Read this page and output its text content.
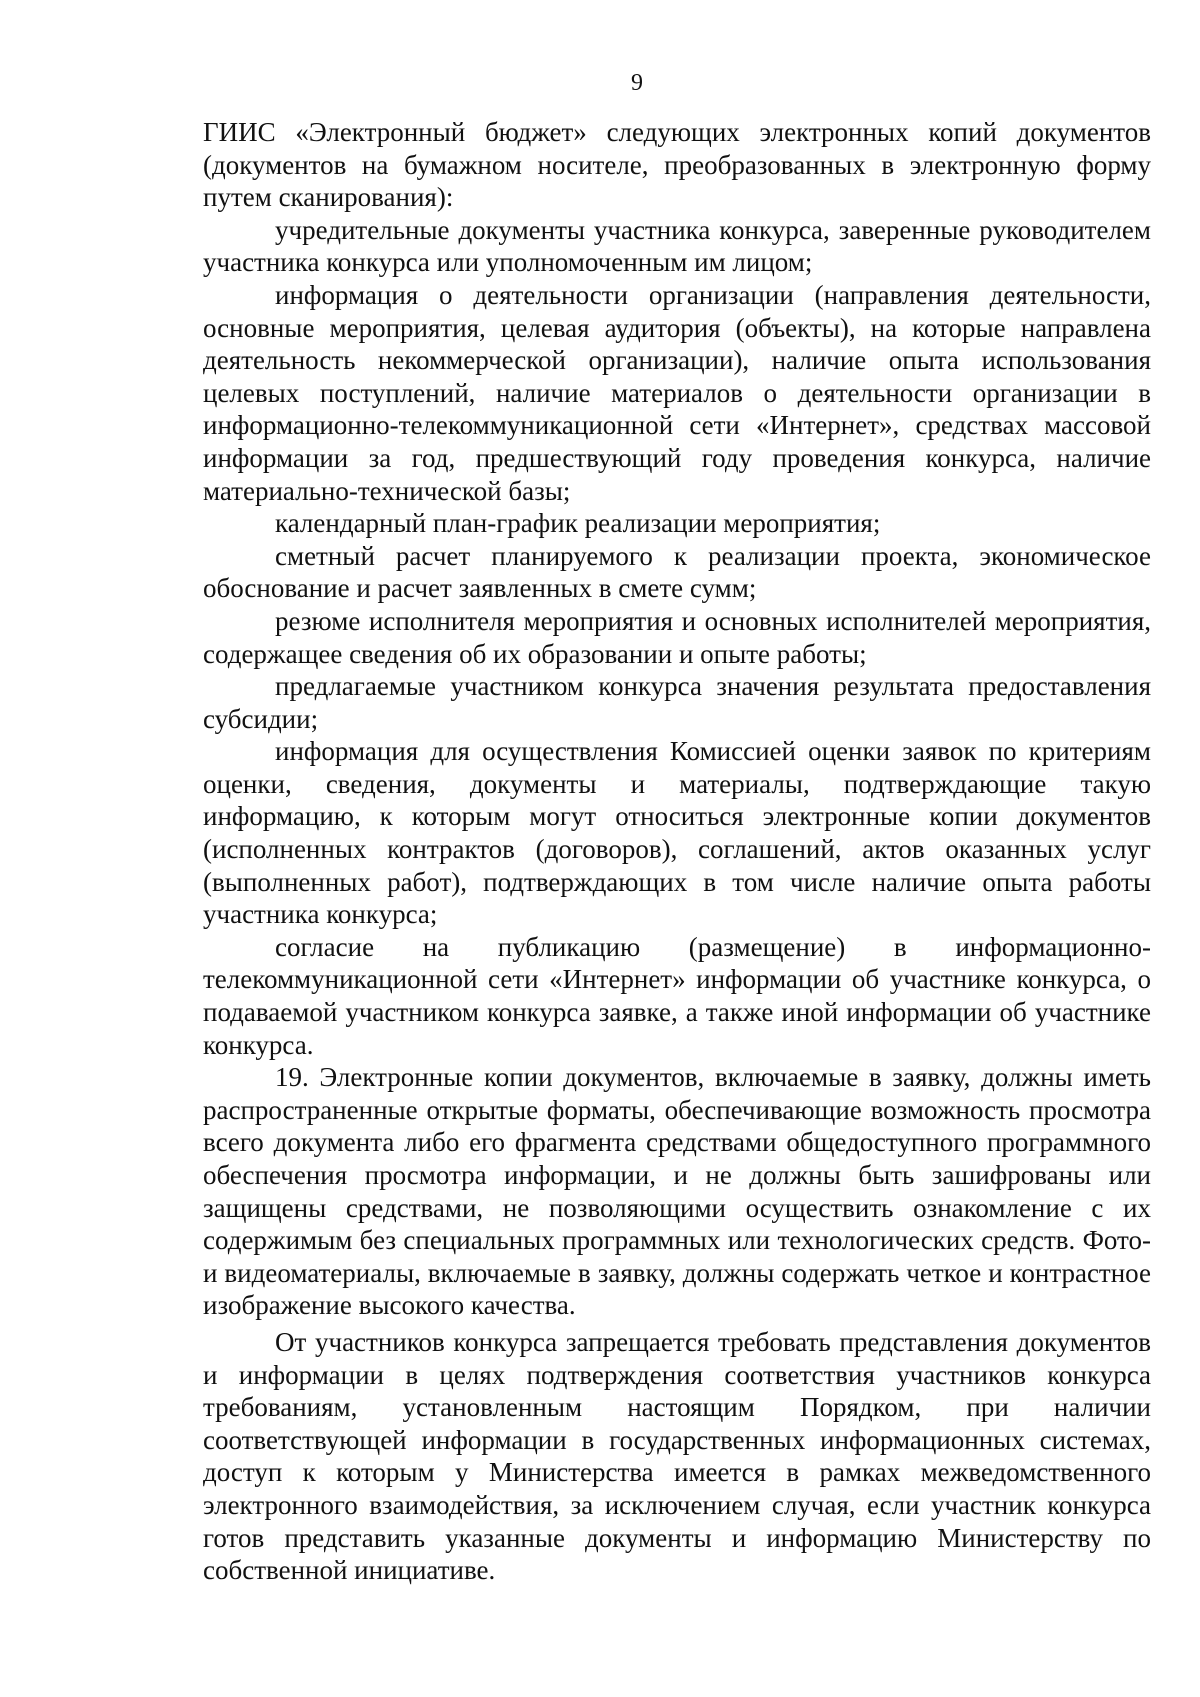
9

ГИИС «Электронный бюджет» следующих электронных копий документов (документов на бумажном носителе, преобразованных в электронную форму путем сканирования):

учредительные документы участника конкурса, заверенные руководителем участника конкурса или уполномоченным им лицом;

информация о деятельности организации (направления деятельности, основные мероприятия, целевая аудитория (объекты), на которые направлена деятельность некоммерческой организации), наличие опыта использования целевых поступлений, наличие материалов о деятельности организации в информационно-телекоммуникационной сети «Интернет», средствах массовой информации за год, предшествующий году проведения конкурса, наличие материально-технической базы;

календарный план-график реализации мероприятия;

сметный расчет планируемого к реализации проекта, экономическое обоснование и расчет заявленных в смете сумм;

резюме исполнителя мероприятия и основных исполнителей мероприятия, содержащее сведения об их образовании и опыте работы;

предлагаемые участником конкурса значения результата предоставления субсидии;

информация для осуществления Комиссией оценки заявок по критериям оценки, сведения, документы и материалы, подтверждающие такую информацию, к которым могут относиться электронные копии документов (исполненных контрактов (договоров), соглашений, актов оказанных услуг (выполненных работ), подтверждающих в том числе наличие опыта работы участника конкурса;

согласие на публикацию (размещение) в информационно-телекоммуникационной сети «Интернет» информации об участнике конкурса, о подаваемой участником конкурса заявке, а также иной информации об участнике конкурса.

19. Электронные копии документов, включаемые в заявку, должны иметь распространенные открытые форматы, обеспечивающие возможность просмотра всего документа либо его фрагмента средствами общедоступного программного обеспечения просмотра информации, и не должны быть зашифрованы или защищены средствами, не позволяющими осуществить ознакомление с их содержимым без специальных программных или технологических средств. Фото- и видеоматериалы, включаемые в заявку, должны содержать четкое и контрастное изображение высокого качества.

От участников конкурса запрещается требовать представления документов и информации в целях подтверждения соответствия участников конкурса требованиям, установленным настоящим Порядком, при наличии соответствующей информации в государственных информационных системах, доступ к которым у Министерства имеется в рамках межведомственного электронного взаимодействия, за исключением случая, если участник конкурса готов представить указанные документы и информацию Министерству по собственной инициативе.
